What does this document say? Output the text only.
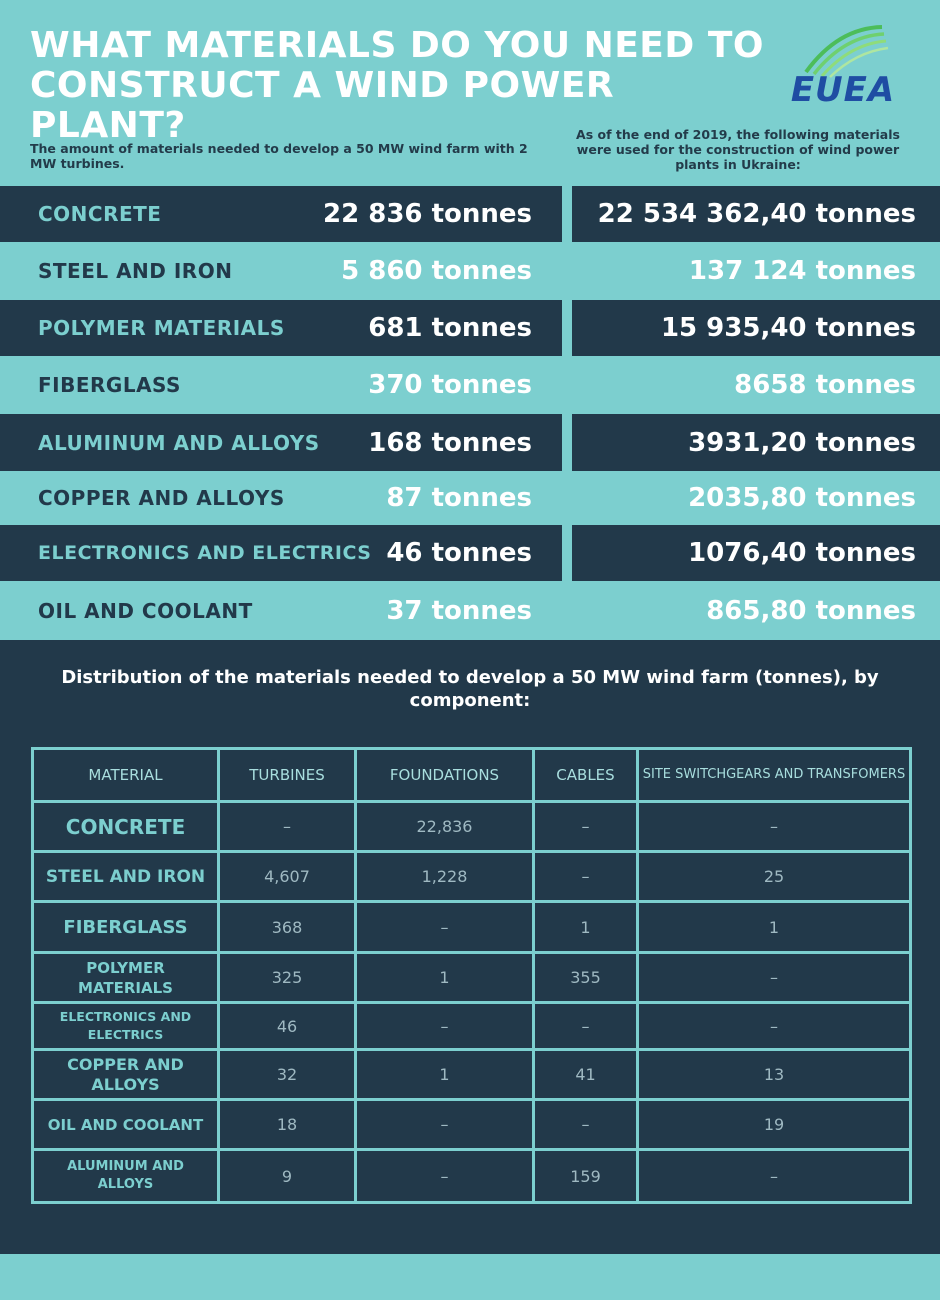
WHAT MATERIALS DO YOU NEED TO CONSTRUCT A WIND POWER PLANT?
EUEA
The amount of materials needed to develop a 50 MW wind farm with 2 MW turbines.
As of the end of 2019, the following materials were used for the construction of wind power plants in Ukraine:
CONCRETE	22 836 tonnes	22 534 362,40 tonnes
STEEL AND IRON	5 860 tonnes	137 124 tonnes
POLYMER MATERIALS	681 tonnes	15 935,40 tonnes
FIBERGLASS	370 tonnes	8658 tonnes
ALUMINUM AND ALLOYS 168 tonnes	3931,20 tonnes
COPPER AND ALLOYS	87 tonnes	2035,80 tonnes
ELECTRONICS AND ELECTRICS 46 tonnes	1076,40 tonnes
OIL AND COOLANT	37 tonnes	865,80 tonnes
Distribution of the materials needed to develop a 50 MW wind farm (tonnes), by component:
MATERIAL	TURBINES	FOUNDATIONS	CABLES	SITE SWITCHGEARS AND TRANSFOMERS
CONCRETE	–	22,836	–	–
STEEL AND IRON	4,607	1,228	–	25
FIBERGLASS	368	–	1	1
POLYMER MATERIALS	325	1	355	–
ELECTRONICS AND ELECTRICS	46	–	–	–
COPPER AND ALLOYS	32	1	41	13
OIL AND COOLANT	18	–	–	19
ALUMINUM AND ALLOYS	9	–	159	–
